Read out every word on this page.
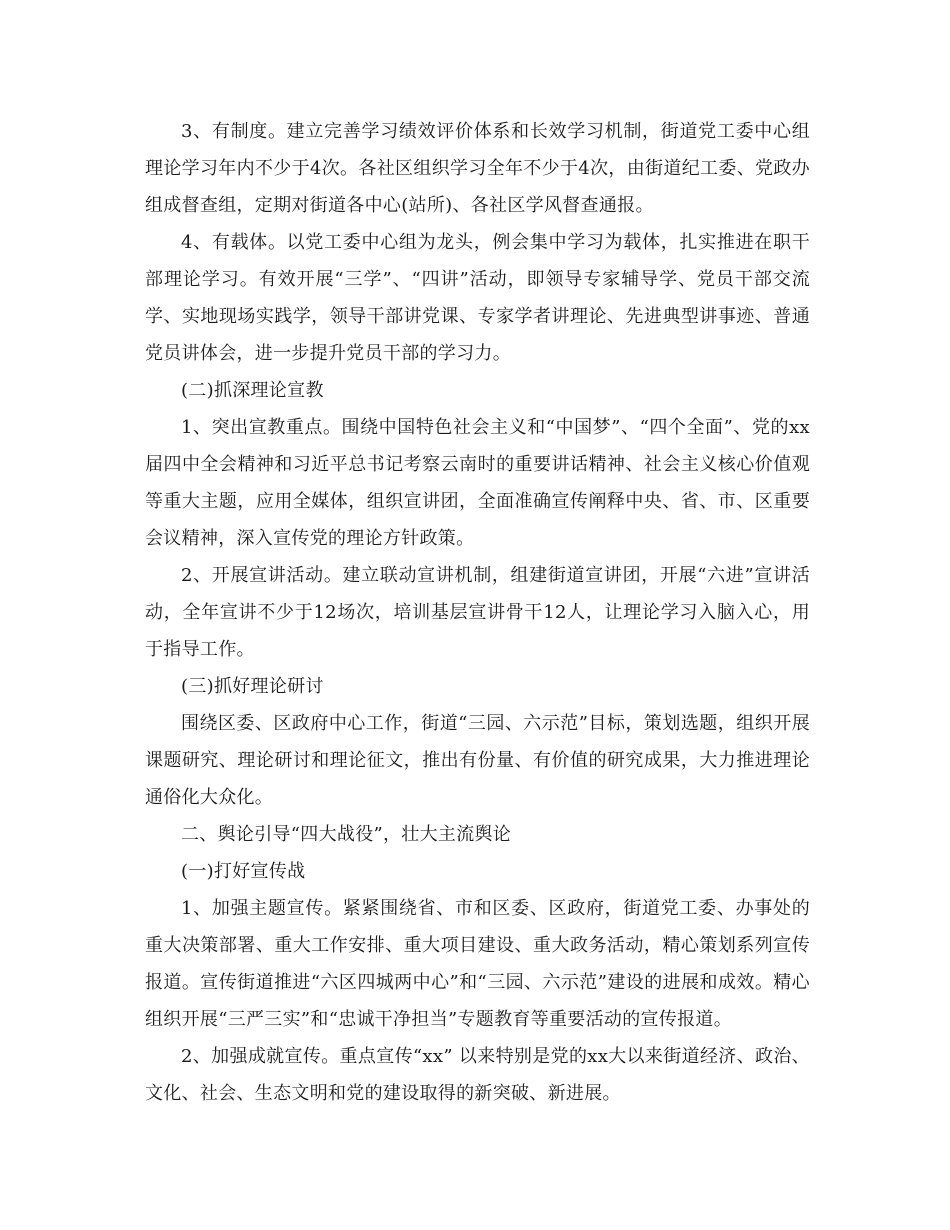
3、有制度。建立完善学习绩效评价体系和长效学习机制，街道党工委中心组理论学习年内不少于4次。各社区组织学习全年不少于4次，由街道纪工委、党政办组成督查组，定期对街道各中心(站所)、各社区学风督查通报。

4、有载体。以党工委中心组为龙头，例会集中学习为载体，扎实推进在职干部理论学习。有效开展“三学”、“四讲”活动，即领导专家辅导学、党员干部交流学、实地现场实践学，领导干部讲党课、专家学者讲理论、先进典型讲事迹、普通党员讲体会，进一步提升党员干部的学习力。

(二)抓深理论宣教

1、突出宣教重点。围绕中国特色社会主义和“中国梦”、“四个全面”、党的xx届四中全会精神和习近平总书记考察云南时的重要讲话精神、社会主义核心价值观等重大主题，应用全媒体，组织宣讲团，全面准确宣传阐释中央、省、市、区重要会议精神，深入宣传党的理论方针政策。

2、开展宣讲活动。建立联动宣讲机制，组建街道宣讲团，开展“六进”宣讲活动，全年宣讲不少于12场次，培训基层宣讲骨干12人，让理论学习入脑入心，用于指导工作。

(三)抓好理论研讨

围绕区委、区政府中心工作，街道“三园、六示范”目标，策划选题，组织开展课题研究、理论研讨和理论征文，推出有份量、有价值的研究成果，大力推进理论通俗化大众化。

二、舆论引导“四大战役”，壮大主流舆论

(一)打好宣传战

1、加强主题宣传。紧紧围绕省、市和区委、区政府，街道党工委、办事处的重大决策部署、重大工作安排、重大项目建设、重大政务活动，精心策划系列宣传报道。宣传街道推进“六区四城两中心”和“三园、六示范”建设的进展和成效。精心组织开展“三严三实”和“忠诚干净担当”专题教育等重要活动的宣传报道。

2、加强成就宣传。重点宣传“xx” 以来特别是党的xx大以来街道经济、政治、文化、社会、生态文明和党的建设取得的新突破、新进展。
